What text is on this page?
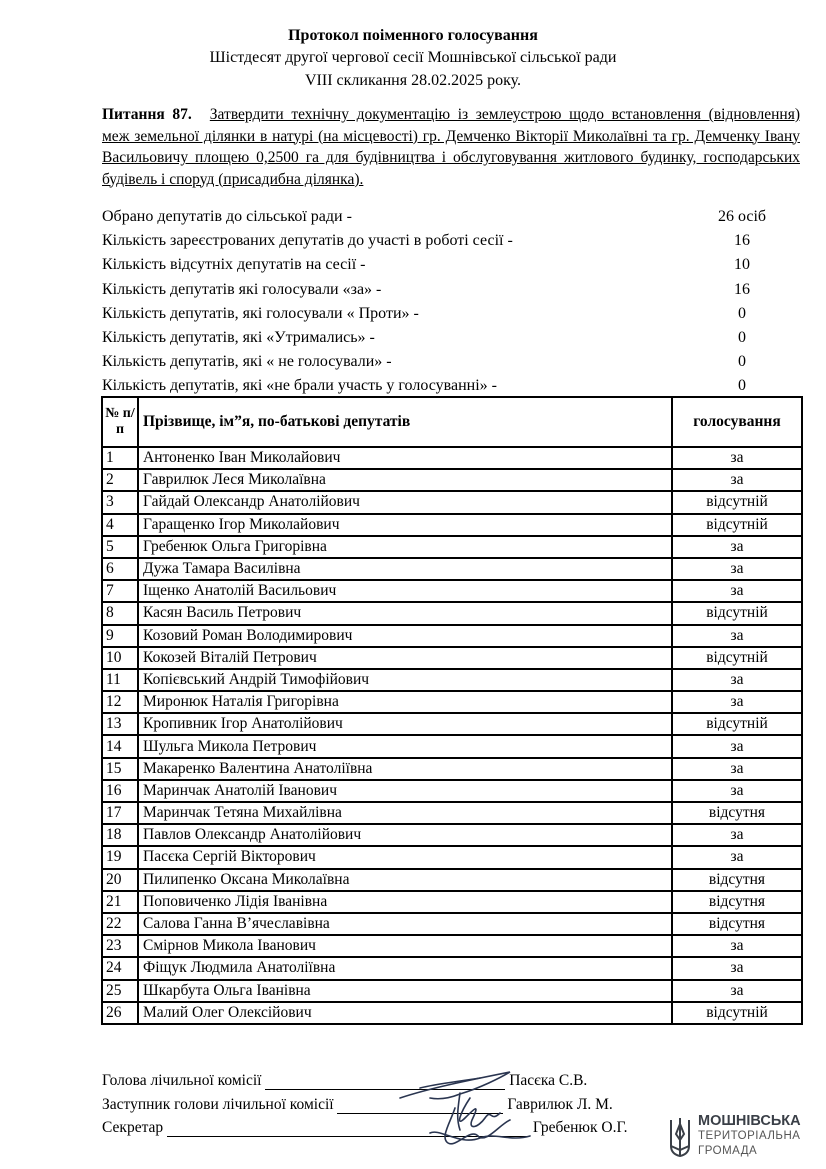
Протокол поіменного голосування
Шістдесят другої чергової сесії Мошнівської сільської ради
VIII скликання 28.02.2025 року.
Питання 87. Затвердити технічну документацію із землеустрою щодо встановлення (відновлення) меж земельної ділянки в натурі (на місцевості) гр. Демченко Вікторії Миколаївні та гр. Демченку Івану Васильовичу площею 0,2500 га для будівництва і обслуговування житлового будинку, господарських будівель і споруд (присадибна ділянка).
Обрано депутатів до сільської ради -	26 осіб
Кількість зареєстрованих депутатів до участі в роботі сесії -	16
Кількість відсутніх депутатів на сесії -	10
Кількість депутатів які голосували «за» -	16
Кількість депутатів, які голосували « Проти» -	0
Кількість депутатів, які «Утримались» -	0
Кількість депутатів, які « не голосували» -	0
Кількість депутатів, які «не брали участь у голосуванні» -	0
№ п/п	Прізвище, ім”я, по-батькові депутатів	голосування
1	Антоненко Іван Миколайович	за
2	Гаврилюк Леся Миколаївна	за
3	Гайдай Олександр Анатолійович	відсутній
4	Гаращенко Ігор Миколайович	відсутній
5	Гребенюк Ольга Григорівна	за
6	Дужа Тамара Василівна	за
7	Іщенко Анатолій Васильович	за
8	Касян Василь Петрович	відсутній
9	Козовий Роман Володимирович	за
10	Кокозей Віталій Петрович	відсутній
11	Копієвський Андрій Тимофійович	за
12	Миронюк Наталія Григорівна	за
13	Кропивник Ігор Анатолійович	відсутній
14	Шульга Микола Петрович	за
15	Макаренко Валентина Анатоліївна	за
16	Маринчак Анатолій Іванович	за
17	Маринчак Тетяна Михайлівна	відсутня
18	Павлов Олександр Анатолійович	за
19	Пасєка Сергій Вікторович	за
20	Пилипенко Оксана Миколаївна	відсутня
21	Поповиченко Лідія Іванівна	відсутня
22	Салова Ганна В’ячеславівна	відсутня
23	Смірнов Микола Іванович	за
24	Фіщук Людмила Анатоліївна	за
25	Шкарбута Ольга Іванівна	за
26	Малий Олег Олексійович	відсутній
Голова лічильної комісії	Пасєка С.В.
Заступник голови лічильної комісії	Гаврилюк Л. М.
Секретар	Гребенюк О.Г.	МОШНІВСЬКА
ТЕРИТОРІАЛЬНА
ГРОМАДА
